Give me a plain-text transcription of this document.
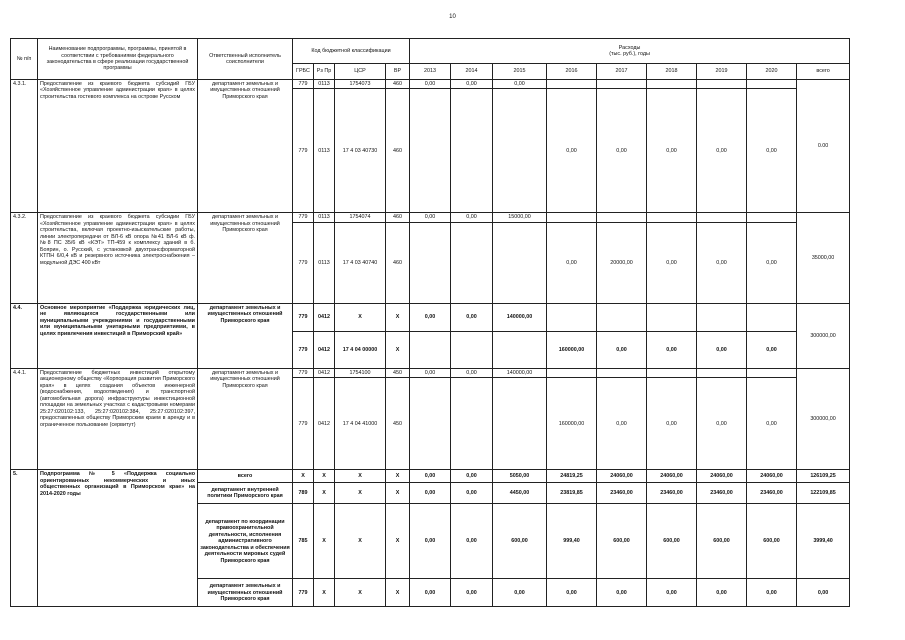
10
№ п/п	Наименование подпрограммы, программы, принятой в соответствии с требованиями федерального законодательства в сфере реализации государственной программы	Ответственный исполнитель соисполнители	Код бюджетной классификации				Расходы
(тыс. руб.), годы								

			ГРБС	Рз Пр	ЦСР	ВР	2013	2014	2015	2016	2017	2018	2019	2020	всего
4.3.1.	Предоставление из краевого бюджета субсидий ГБУ «Хозяйственное управление администрации края» в целях строительства гостевого комплекса на острове Русском	департамент земельных и имущественных отношений Приморского края	779	0113	1754073	460	0,00	0,00	0,00						0.00
			779	0113	17 4 03 40730	460				0,00	0,00	0,00	0,00	0,00	
4.3.2.	Предоставление из краевого бюджета субсидии ГБУ «Хозяйственное управление администрации края» в целях строительства, включая проектно-изыскательские работы, линии электропередачи от ВЛ-6 кВ опора №41 ВЛ-6 кВ ф. №8 ПС 35/6 кВ «КЭТ» ТП-459 к комплексу зданий в б. Боярин, о. Русский, с установкой двухтрансформаторной КТПН 6/0,4 кВ и резервного источника электроснабжения – модульной ДЭС 400 кВт	департамент земельных и имущественных отношений Приморского края	779	0113	1754074	460	0,00	0,00	15000,00						35000,00
			779	0113	17 4 03 40740	460				0,00	20000,00	0,00	0,00	0,00	
4.4.	Основное мероприятие «Поддержка юридических лиц, не являющихся государственными или муниципальными учреждениями и государственными или муниципальными унитарными предприятиями, в целях привлечения инвестиций в Приморский край»	департамент земельных и имущественных отношений Приморского края	779	0412	Х	Х	0,00	0,00	140000,00						300000,00
			779	0412	17 4 04 00000	Х				160000,00	0,00	0,00	0,00	0,00	
4.4.1.	Предоставление бюджетных инвестиций открытому акционерному обществу «Корпорация развития Приморского края» в целях создания объектов инженерной (водоснабжения, водоотведения) и транспортной (автомобильная дорога) инфраструктуры инвестиционной площадки на земельных участках с кадастровыми номерами 25:27:020102:133, 25:27:020102:384, 25:27:020102:397, предоставленных обществу Приморским краем в аренду и в ограниченное пользование (сервитут)	департамент земельных и имущественных отношений Приморского края	779	0412	1754100	450	0,00	0,00	140000,00						300000,00
			779	0412	17 4 04 41000	450				160000,00	0,00	0,00	0,00	0,00	
5.	Подпрограмма № 5 «Поддержка социально ориентированных некоммерческих и иных общественных организаций в Приморском крае» на 2014-2020 годы	всего	Х	Х	Х	Х	0,00	0,00	5050,00	24819,25	24060,00	24060,00	24060,00	24060,00	126109,25
		департамент внутренней политики Приморского края	789	Х	Х	Х	0,00	0,00	4450,00	23819,85	23460,00	23460,00	23460,00	23460,00	122109,85
		департамент по координации правоохранительной деятельности, исполнения административного законодательства и обеспечения деятельности мировых судей Приморского края	785	Х	Х	Х	0,00	0,00	600,00	999,40	600,00	600,00	600,00	600,00	3999,40
		департамент земельных и имущественных отношений Приморского края	779	Х	Х	Х	0,00	0,00	0,00	0,00	0,00	0,00	0,00	0,00	0,00
